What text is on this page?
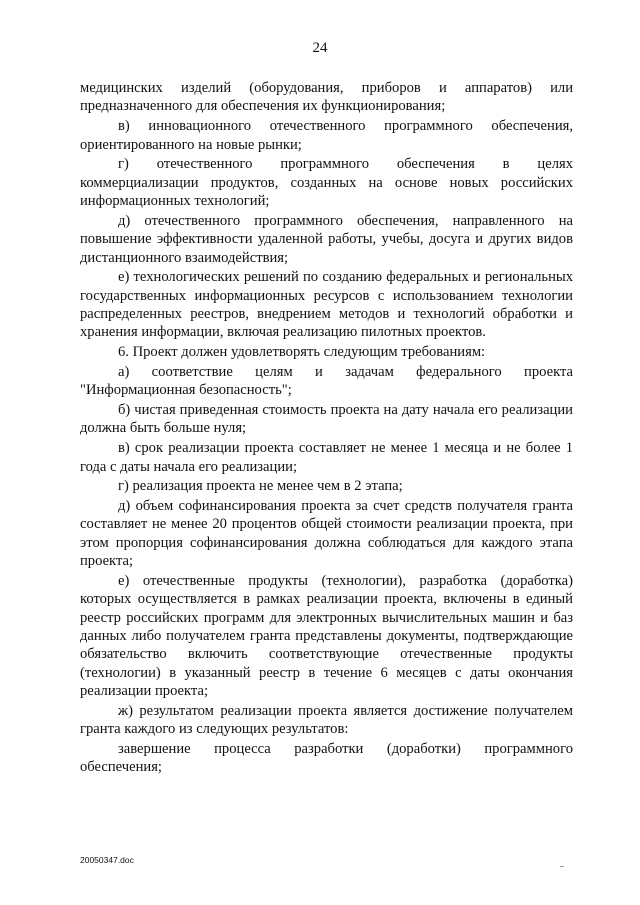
24

медицинских изделий (оборудования, приборов и аппаратов) или предназначенного для обеспечения их функционирования;

в) инновационного отечественного программного обеспечения, ориентированного на новые рынки;

г) отечественного программного обеспечения в целях коммерциализации продуктов, созданных на основе новых российских информационных технологий;

д) отечественного программного обеспечения, направленного на повышение эффективности удаленной работы, учебы, досуга и других видов дистанционного взаимодействия;

е) технологических решений по созданию федеральных и региональных государственных информационных ресурсов с использованием технологии распределенных реестров, внедрением методов и технологий обработки и хранения информации, включая реализацию пилотных проектов.

6. Проект должен удовлетворять следующим требованиям:

а) соответствие целям и задачам федерального проекта "Информационная безопасность";

б) чистая приведенная стоимость проекта на дату начала его реализации должна быть больше нуля;

в) срок реализации проекта составляет не менее 1 месяца и не более 1 года с даты начала его реализации;

г) реализация проекта не менее чем в 2 этапа;

д) объем софинансирования проекта за счет средств получателя гранта составляет не менее 20 процентов общей стоимости реализации проекта, при этом пропорция софинансирования должна соблюдаться для каждого этапа проекта;

е) отечественные продукты (технологии), разработка (доработка) которых осуществляется в рамках реализации проекта, включены в единый реестр российских программ для электронных вычислительных машин и баз данных либо получателем гранта представлены документы, подтверждающие обязательство включить соответствующие отечественные продукты (технологии) в указанный реестр в течение 6 месяцев с даты окончания реализации проекта;

ж) результатом реализации проекта является достижение получателем гранта каждого из следующих результатов:

завершение процесса разработки (доработки) программного обеспечения;

20050347.doc
